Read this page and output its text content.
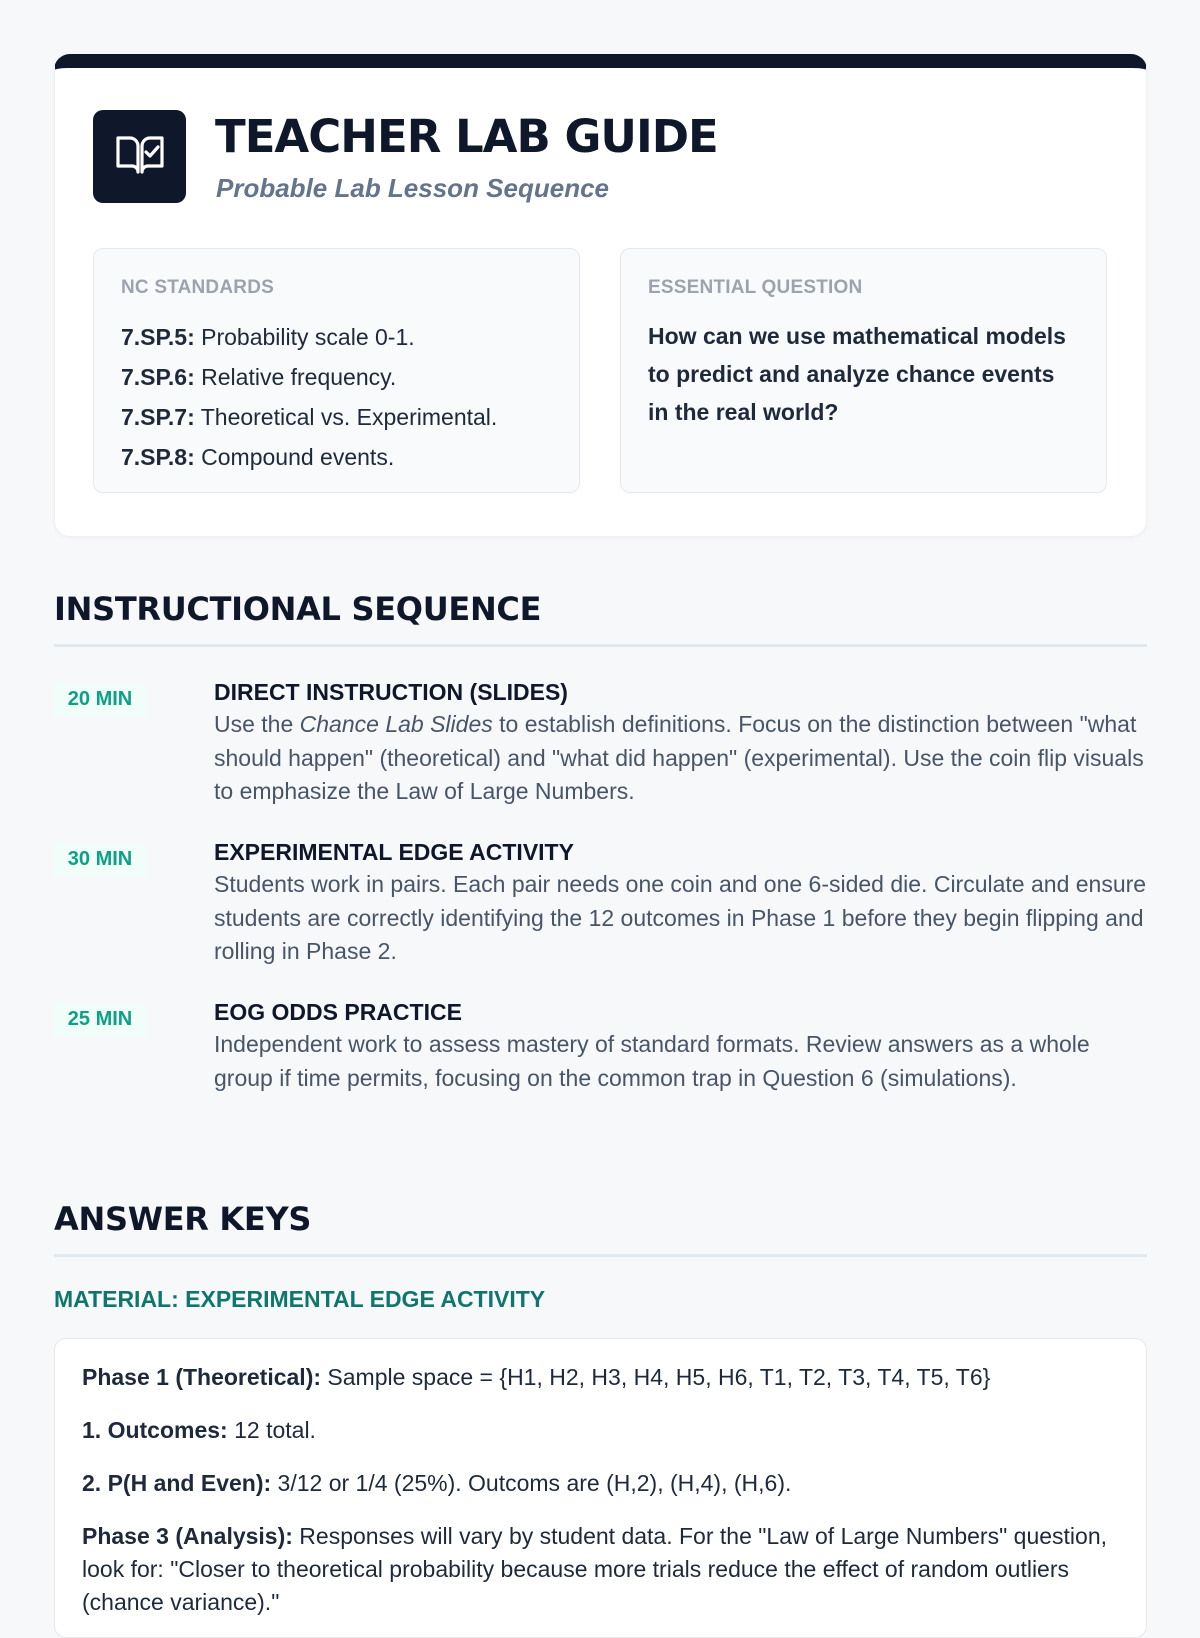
TEACHER LAB GUIDE
Probable Lab Lesson Sequence
NC STANDARDS
7.SP.5: Probability scale 0-1.
7.SP.6: Relative frequency.
7.SP.7: Theoretical vs. Experimental.
7.SP.8: Compound events.
ESSENTIAL QUESTION
How can we use mathematical models to predict and analyze chance events in the real world?
INSTRUCTIONAL SEQUENCE
20 MIN	DIRECT INSTRUCTION (SLIDES)
Use the Chance Lab Slides to establish definitions. Focus on the distinction between "what should happen" (theoretical) and "what did happen" (experimental). Use the coin flip visuals to emphasize the Law of Large Numbers.
30 MIN	EXPERIMENTAL EDGE ACTIVITY
Students work in pairs. Each pair needs one coin and one 6-sided die. Circulate and ensure students are correctly identifying the 12 outcomes in Phase 1 before they begin flipping and rolling in Phase 2.
25 MIN	EOG ODDS PRACTICE
Independent work to assess mastery of standard formats. Review answers as a whole group if time permits, focusing on the common trap in Question 6 (simulations).
ANSWER KEYS
MATERIAL: EXPERIMENTAL EDGE ACTIVITY
Phase 1 (Theoretical): Sample space = {H1, H2, H3, H4, H5, H6, T1, T2, T3, T4, T5, T6}
1. Outcomes: 12 total.
2. P(H and Even): 3/12 or 1/4 (25%). Outcoms are (H,2), (H,4), (H,6).
Phase 3 (Analysis): Responses will vary by student data. For the "Law of Large Numbers" question, look for: "Closer to theoretical probability because more trials reduce the effect of random outliers (chance variance)."
